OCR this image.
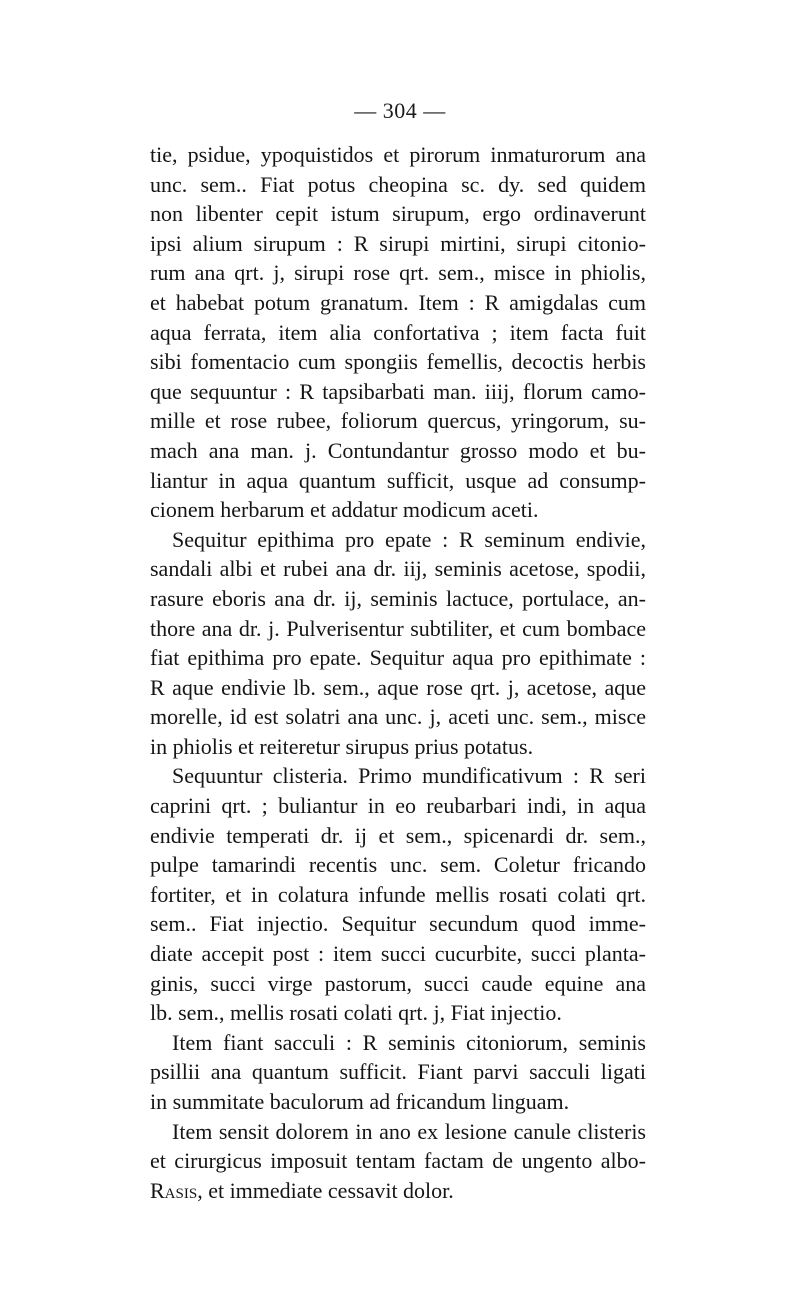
— 304 —
tie, psidue, ypoquistidos et pirorum inmaturorum ana
unc. sem.. Fiat potus cheopina sc. dy. sed quidem
non libenter cepit istum sirupum, ergo ordinaverunt
ipsi alium sirupum : R sirupi mirtini, sirupi citonio-
rum ana qrt. j, sirupi rose qrt. sem., misce in phiolis,
et habebat potum granatum. Item : R amigdalas cum
aqua ferrata, item alia confortativa ; item facta fuit
sibi fomentacio cum spongiis femellis, decoctis herbis
que sequuntur : R tapsibarbati man. iiij, florum camo-
mille et rose rubee, foliorum quercus, yringorum, su-
mach ana man. j. Contundantur grosso modo et bu-
liantur in aqua quantum sufficit, usque ad consump-
cionem herbarum et addatur modicum aceti.
Sequitur epithima pro epate : R seminum endivie,
sandali albi et rubei ana dr. iij, seminis acetose, spodii,
rasure eboris ana dr. ij, seminis lactuce, portulace, an-
thore ana dr. j. Pulverisentur subtiliter, et cum bombace
fiat epithima pro epate. Sequitur aqua pro epithimate :
R aque endivie lb. sem., aque rose qrt. j, acetose, aque
morelle, id est solatri ana unc. j, aceti unc. sem., misce
in phiolis et reiteretur sirupus prius potatus.
Sequuntur clisteria. Primo mundificativum : R seri
caprini qrt. ; buliantur in eo reubarbari indi, in aqua
endivie temperati dr. ij et sem., spicenardi dr. sem.,
pulpe tamarindi recentis unc. sem. Coletur fricando
fortiter, et in colatura infunde mellis rosati colati qrt.
sem.. Fiat injectio. Sequitur secundum quod imme-
diate accepit post : item succi cucurbite, succi planta-
ginis, succi virge pastorum, succi caude equine ana
lb. sem., mellis rosati colati qrt. j, Fiat injectio.
Item fiant sacculi : R seminis citoniorum, seminis
psillii ana quantum sufficit. Fiant parvi sacculi ligati
in summitate baculorum ad fricandum linguam.
Item sensit dolorem in ano ex lesione canule clisteris
et cirurgicus imposuit tentam factam de ungento albo-
Rasis, et immediate cessavit dolor.
